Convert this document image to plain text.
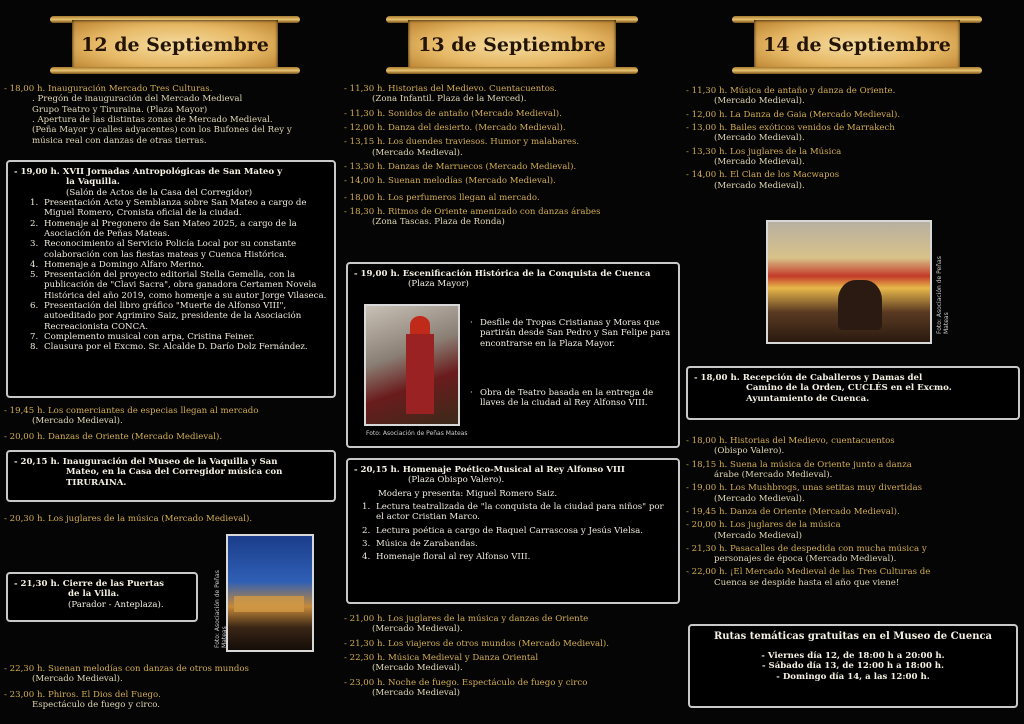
12 de Septiembre
- 18,00 h. Inauguración Mercado Tres Culturas.
. Pregón de inauguración del Mercado Medieval
Grupo Teatro y Tiruraina. (Plaza Mayor)
. Apertura de las distintas zonas de Mercado Medieval.
(Peña Mayor y calles adyacentes) con los Bufones del Rey y
música real con danzas de otras tierras.
- 19,00 h. XVII Jornadas Antropológicas de San Mateo y
la Vaquilla.
(Salón de Actos de la Casa del Corregidor)
1. Presentación Acto y Semblanza sobre San Mateo a cargo de Miguel Romero, Cronista oficial de la ciudad.
2. Homenaje al Pregonero de San Mateo 2025, a cargo de la Asociación de Peñas Mateas.
3. Reconocimiento al Servicio Policía Local por su constante colaboración con las fiestas mateas y Cuenca Histórica.
4. Homenaje a Domingo Alfaro Merino.
5. Presentación del proyecto editorial Stella Gemella, con la publicación de "Clavi Sacra", obra ganadora Certamen Novela Histórica del año 2019, como homenje a su autor Jorge Vilaseca.
6. Presentación del libro gráfico "Muerte de Alfonso VIII", autoeditado por Agrimiro Saiz, presidente de la Asociación Recreacionista CONCA.
7. Complemento musical con arpa, Cristina Feiner.
8. Clausura por el Excmo. Sr. Alcalde D. Darío Dolz Fernández.
- 19,45 h. Los comerciantes de especias llegan al mercado
(Mercado Medieval).
- 20,00 h. Danzas de Oriente (Mercado Medieval).
- 20,15 h. Inauguración del Museo de la Vaquilla y San
Mateo, en la Casa del Corregidor música con
TIRURAINA.
- 20,30 h. Los juglares de la música (Mercado Medieval).
- 21,30 h. Cierre de las Puertas
de la Villa.
(Parador - Anteplaza).	Foto: Asociación de Peñas Mateas
- 22,30 h. Suenan melodías con danzas de otros mundos
(Mercado Medieval).
- 23,00 h. Phiros. El Dios del Fuego.
Espectáculo de fuego y circo.
13 de Septiembre
- 11,30 h. Historias del Medievo. Cuentacuentos.
(Zona Infantil. Plaza de la Merced).
- 11,30 h. Sonidos de antaño (Mercado Medieval).
- 12,00 h. Danza del desierto. (Mercado Medieval).
- 13,15 h. Los duendes traviesos. Humor y malabares.
(Mercado Medieval).
- 13,30 h. Danzas de Marruecos (Mercado Medieval).
- 14,00 h. Suenan melodías (Mercado Medieval).
- 18,00 h. Los perfumeros llegan al mercado.
- 18,30 h. Ritmos de Oriente amenizado con danzas árabes
(Zona Tascas. Plaza de Ronda)
- 19,00 h. Escenificación Histórica de la Conquista de Cuenca
(Plaza Mayor)
Foto: Asociación de Peñas Mateas
· Desfile de Tropas Cristianas y Moras que partirán desde San Pedro y San Felipe para encontrarse en la Plaza Mayor.
· Obra de Teatro basada en la entrega de llaves de la ciudad al Rey Alfonso VIII.
- 20,15 h. Homenaje Poético-Musical al Rey Alfonso VIII
(Plaza Obispo Valero).
Modera y presenta: Miguel Romero Saiz.
1. Lectura teatralizada de "la conquista de la ciudad para niños" por el actor Cristian Marco.
2. Lectura poética a cargo de Raquel Carrascosa y Jesús Vielsa.
3. Música de Zarabandas.
4. Homenaje floral al rey Alfonso VIII.
- 21,00 h. Los juglares de la música y danzas de Oriente
(Mercado Medieval).
- 21,30 h. Los viajeros de otros mundos (Mercado Medieval).
- 22,30 h. Música Medieval y Danza Oriental
(Mercado Medieval).
- 23,00 h. Noche de fuego. Espectáculo de fuego y circo
(Mercado Medieval)
14 de Septiembre
- 11,30 h. Música de antaño y danza de Oriente.
(Mercado Medieval).
- 12,00 h. La Danza de Gaia (Mercado Medieval).
- 13,00 h. Bailes exóticos venidos de Marrakech
(Mercado Medieval).
- 13,30 h. Los juglares de la Música
(Mercado Medieval).
- 14,00 h. El Clan de los Macwapos
(Mercado Medieval).
Foto: Asociación de Peñas Mateas
- 18,00 h. Recepción de Caballeros y Damas del
Camino de la Orden, CUCLÉS en el Excmo.
Ayuntamiento de Cuenca.
- 18,00 h. Historias del Medievo, cuentacuentos
(Obispo Valero).
- 18,15 h. Suena la música de Oriente junto a danza
árabe (Mercado Medieval).
- 19,00 h. Los Mushbrogs, unas setitas muy divertidas
(Mercado Medieval).
- 19,45 h. Danza de Oriente (Mercado Medieval).
- 20,00 h. Los juglares de la música
(Mercado Medieval)
- 21,30 h. Pasacalles de despedida con mucha música y
personajes de época (Mercado Medieval).
- 22,00 h. ¡El Mercado Medieval de las Tres Culturas de
Cuenca se despide hasta el año que viene!
Rutas temáticas gratuitas en el Museo de Cuenca
- Viernes día 12, de 18:00 h a 20:00 h.
- Sábado día 13, de 12:00 h a 18:00 h.
- Domingo día 14, a las 12:00 h.
